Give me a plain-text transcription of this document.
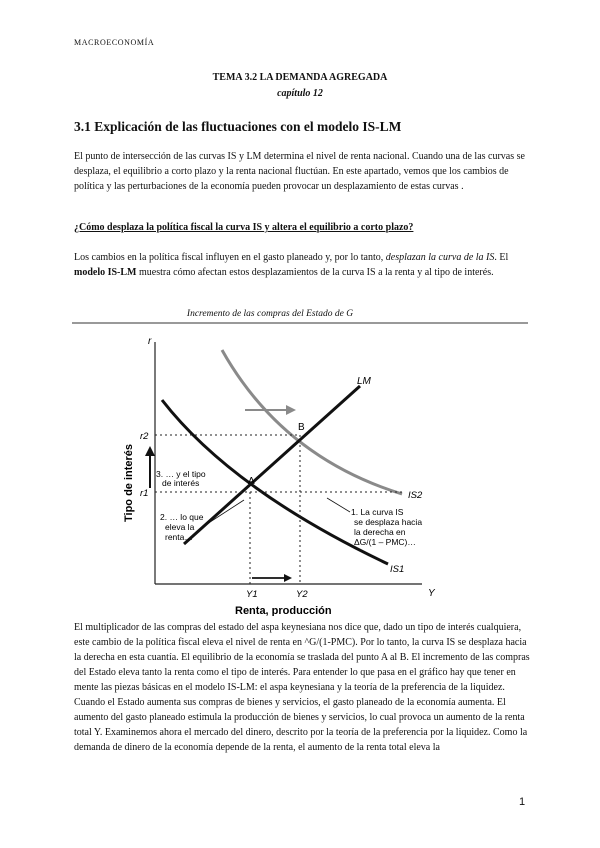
MACROECONOMÍA
TEMA 3.2 LA DEMANDA AGREGADA
capítulo 12
3.1 Explicación de las fluctuaciones con el modelo IS-LM
El punto de intersección de las curvas IS y LM determina el nivel de renta nacional. Cuando una de las curvas se desplaza, el equilibrio a corto plazo y la renta nacional fluctúan. En este apartado, vemos que los cambios de política y las perturbaciones de la economía pueden provocar un desplazamiento de estas curvas .
¿Cómo desplaza la política fiscal la curva IS y altera el equilibrio a corto plazo?
Los cambios en la política fiscal influyen en el gasto planeado y, por lo tanto, desplazan la curva de la IS. El modelo IS-LM muestra cómo afectan estos desplazamientos de la curva IS a la renta y al tipo de interés.
Incremento de las compras del Estado de G
r
Y
Tipo de interés
Renta, producción
IS2
LM
A
B
r2
r1
Y1	Y2
3. … y el tipo
de interés
2. … lo que
eleva la
renta…
1. La curva IS
se desplaza hacia
la derecha en
ΔG/(1 – PMC)…
IS1
El multiplicador de las compras del estado del aspa keynesiana nos dice que, dado un tipo de interés cualquiera, este cambio de la política fiscal eleva el nivel de renta en ^G/(1-PMC). Por lo tanto, la curva IS se desplaza hacia la derecha en esta cuantía. El equilibrio de la economía se traslada del punto A al B. El incremento de las compras del Estado eleva tanto la renta como el tipo de interés. Para entender lo que pasa en el gráfico hay que tener en mente las piezas básicas en el modelo IS-LM: el aspa keynesiana y la teoría de la preferencia de la liquidez. Cuando el Estado aumenta sus compras de bienes y servicios, el gasto planeado de la economía aumenta. El aumento del gasto planeado estimula la producción de bienes y servicios, lo cual provoca un aumento de la renta total Y. Examinemos ahora el mercado del dinero, descrito por la teoría de la preferencia por la liquidez. Como la demanda de dinero de la economía depende de la renta, el aumento de la renta total eleva la
1
